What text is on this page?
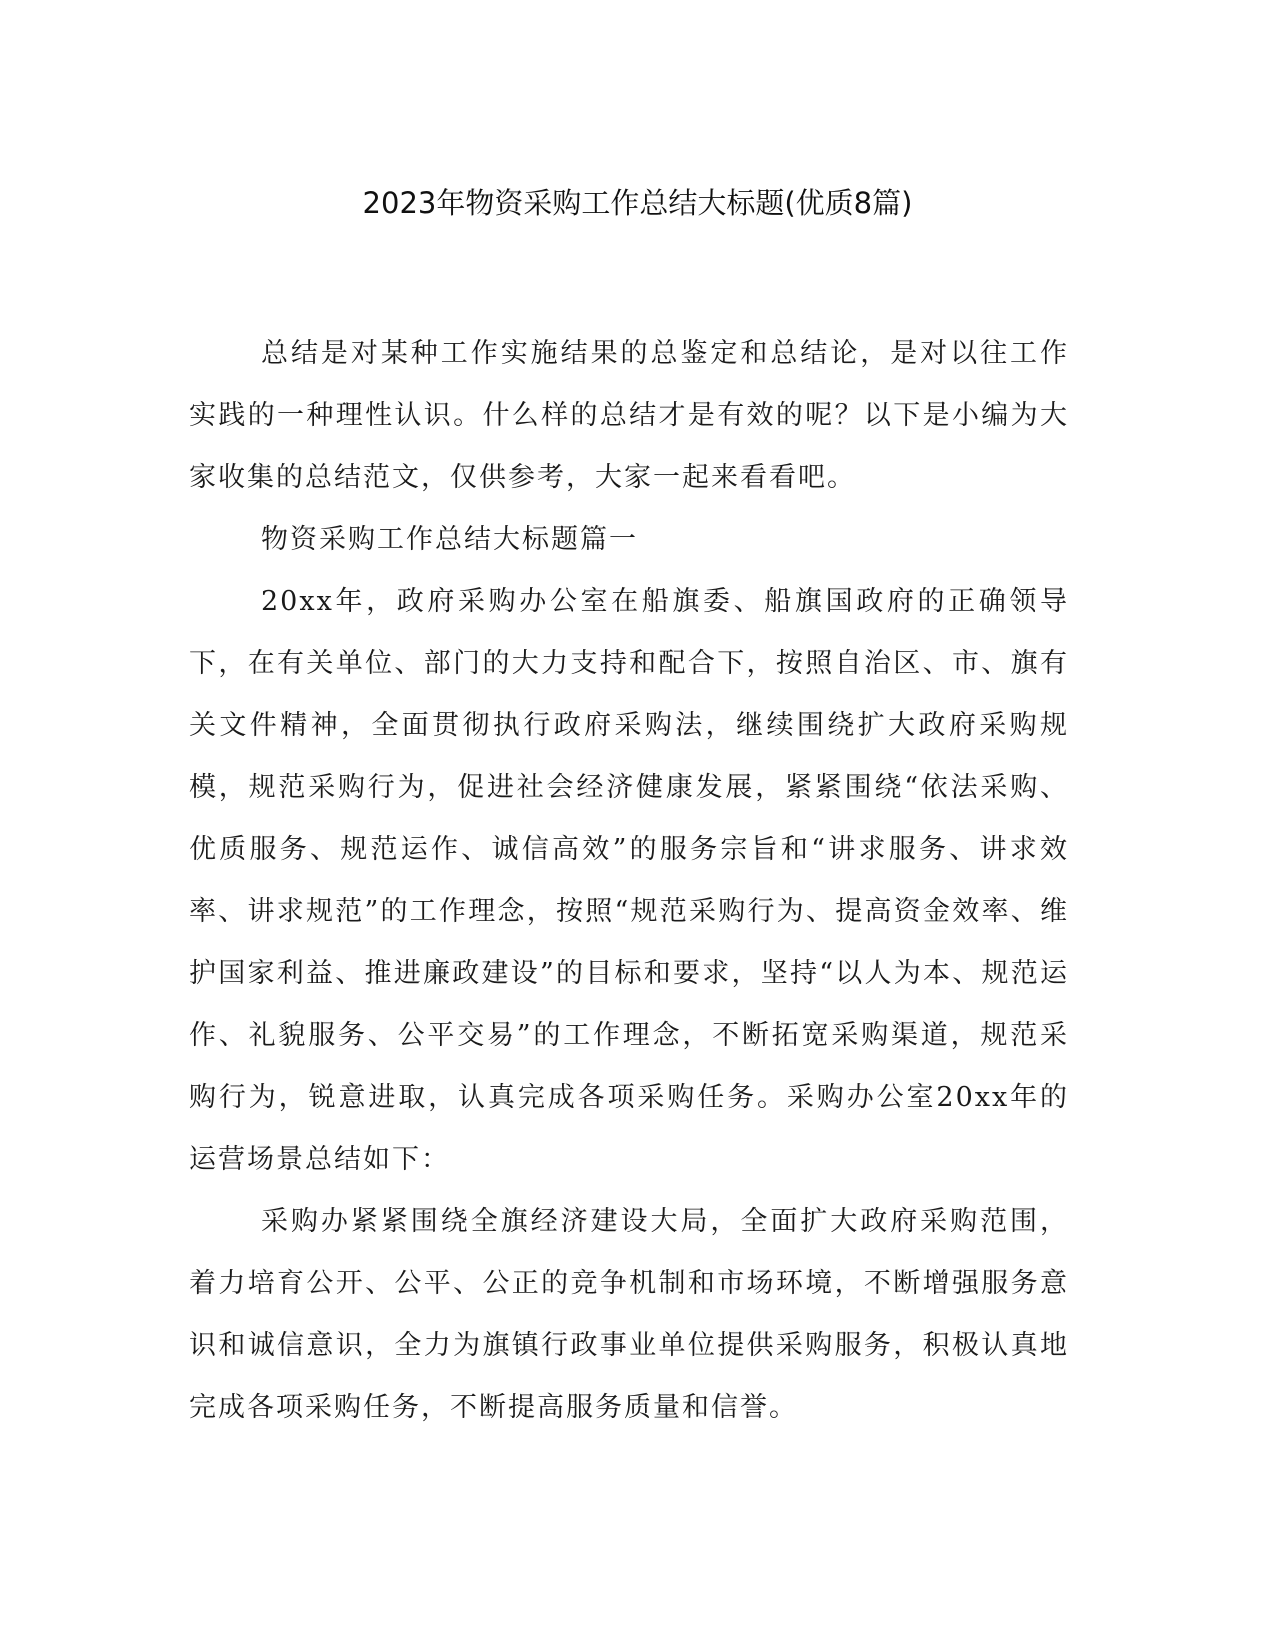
2023年物资采购工作总结大标题(优质8篇)

总结是对某种工作实施结果的总鉴定和总结论，是对以往工作实践的一种理性认识。什么样的总结才是有效的呢？以下是小编为大家收集的总结范文，仅供参考，大家一起来看看吧。

物资采购工作总结大标题篇一

20xx年，政府采购办公室在船旗委、船旗国政府的正确领导下，在有关单位、部门的大力支持和配合下，按照自治区、市、旗有关文件精神，全面贯彻执行政府采购法，继续围绕扩大政府采购规模，规范采购行为，促进社会经济健康发展，紧紧围绕“依法采购、优质服务、规范运作、诚信高效”的服务宗旨和“讲求服务、讲求效率、讲求规范”的工作理念，按照“规范采购行为、提高资金效率、维护国家利益、推进廉政建设”的目标和要求，坚持“以人为本、规范运作、礼貌服务、公平交易”的工作理念，不断拓宽采购渠道，规范采购行为，锐意进取，认真完成各项采购任务。采购办公室20xx年的运营场景总结如下：

采购办紧紧围绕全旗经济建设大局，全面扩大政府采购范围，着力培育公开、公平、公正的竞争机制和市场环境，不断增强服务意识和诚信意识，全力为旗镇行政事业单位提供采购服务，积极认真地完成各项采购任务，不断提高服务质量和信誉。
